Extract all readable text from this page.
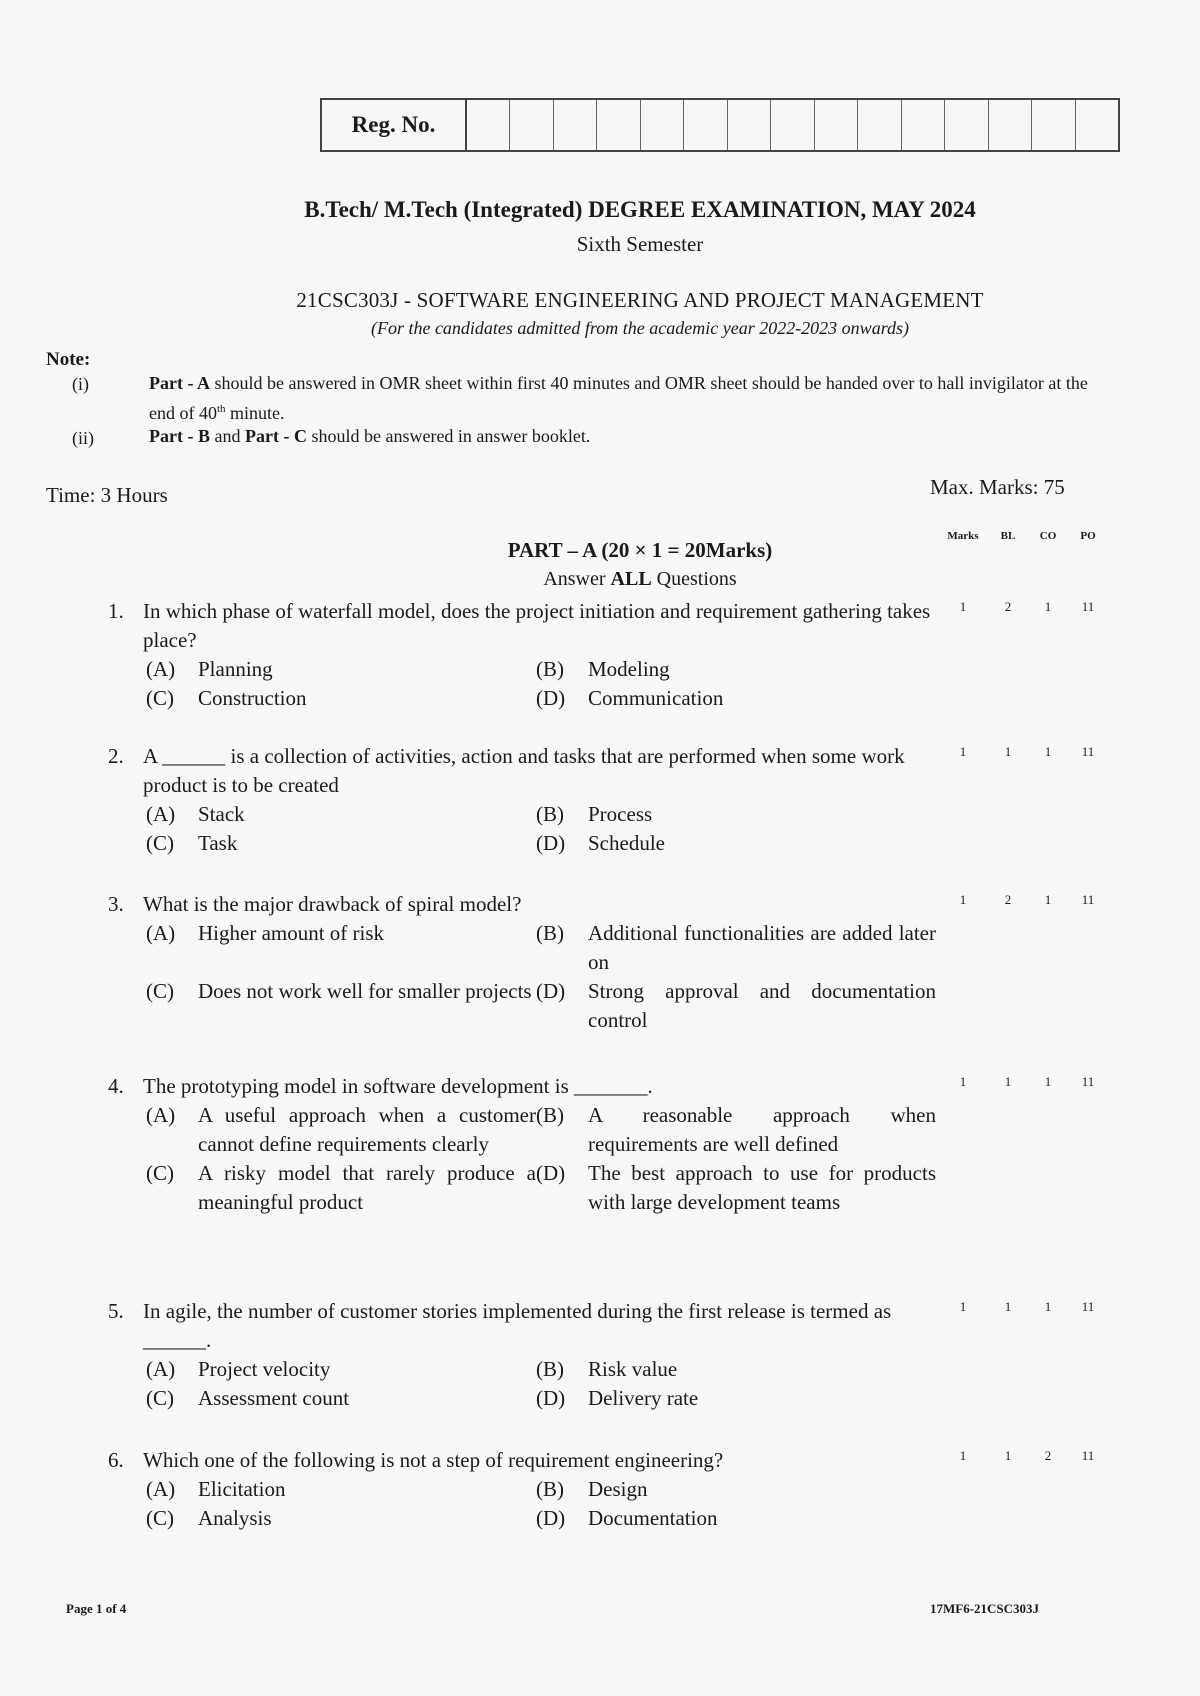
Reg. No.
B.Tech/ M.Tech (Integrated) DEGREE EXAMINATION, MAY 2024
Sixth Semester
21CSC303J - SOFTWARE ENGINEERING AND PROJECT MANAGEMENT
(For the candidates admitted from the academic year 2022-2023 onwards)
Note:
(i)	Part - A should be answered in OMR sheet within first 40 minutes and OMR sheet should be handed over to hall invigilator at the end of 40th minute.
(ii)	Part - B and Part - C should be answered in answer booklet.
Time: 3 Hours	Max. Marks: 75
Marks BL CO PO
PART – A (20 × 1 = 20Marks)
Answer ALL Questions
1. In which phase of waterfall model, does the project initiation and requirement gathering takes place?
(A)	Planning	(B)	Modeling
(C)	Construction	(D)	Communication
1	2	1 11
2. A ______ is a collection of activities, action and tasks that are performed when some work product is to be created
(A)	Stack	(B)	Process
(C)	Task	(D)	Schedule
1	1	1 11
3. What is the major drawback of spiral model?
(A)	Higher amount of risk	(B)	Additional functionalities are added later on
(C)	Does not work well for smaller projects (D)	Strong approval and documentation control
1	2	1 11
4. The prototyping model in software development is _______.
(A)	A useful approach when a customer cannot define requirements clearly
(B)	A reasonable approach when requirements are well defined
(C)	A risky model that rarely produce a meaningful product
(D)	The best approach to use for products with large development teams
1	1	1 11
5. In agile, the number of customer stories implemented during the first release is termed as ______.
(A)	Project velocity	(B)	Risk value
(C)	Assessment count	(D)	Delivery rate
1	1	1 11
6. Which one of the following is not a step of requirement engineering?
(A)	Elicitation	(B)	Design
(C)	Analysis	(D)	Documentation
1	1	2 11
Page 1 of 4	17MF6-21CSC303J
